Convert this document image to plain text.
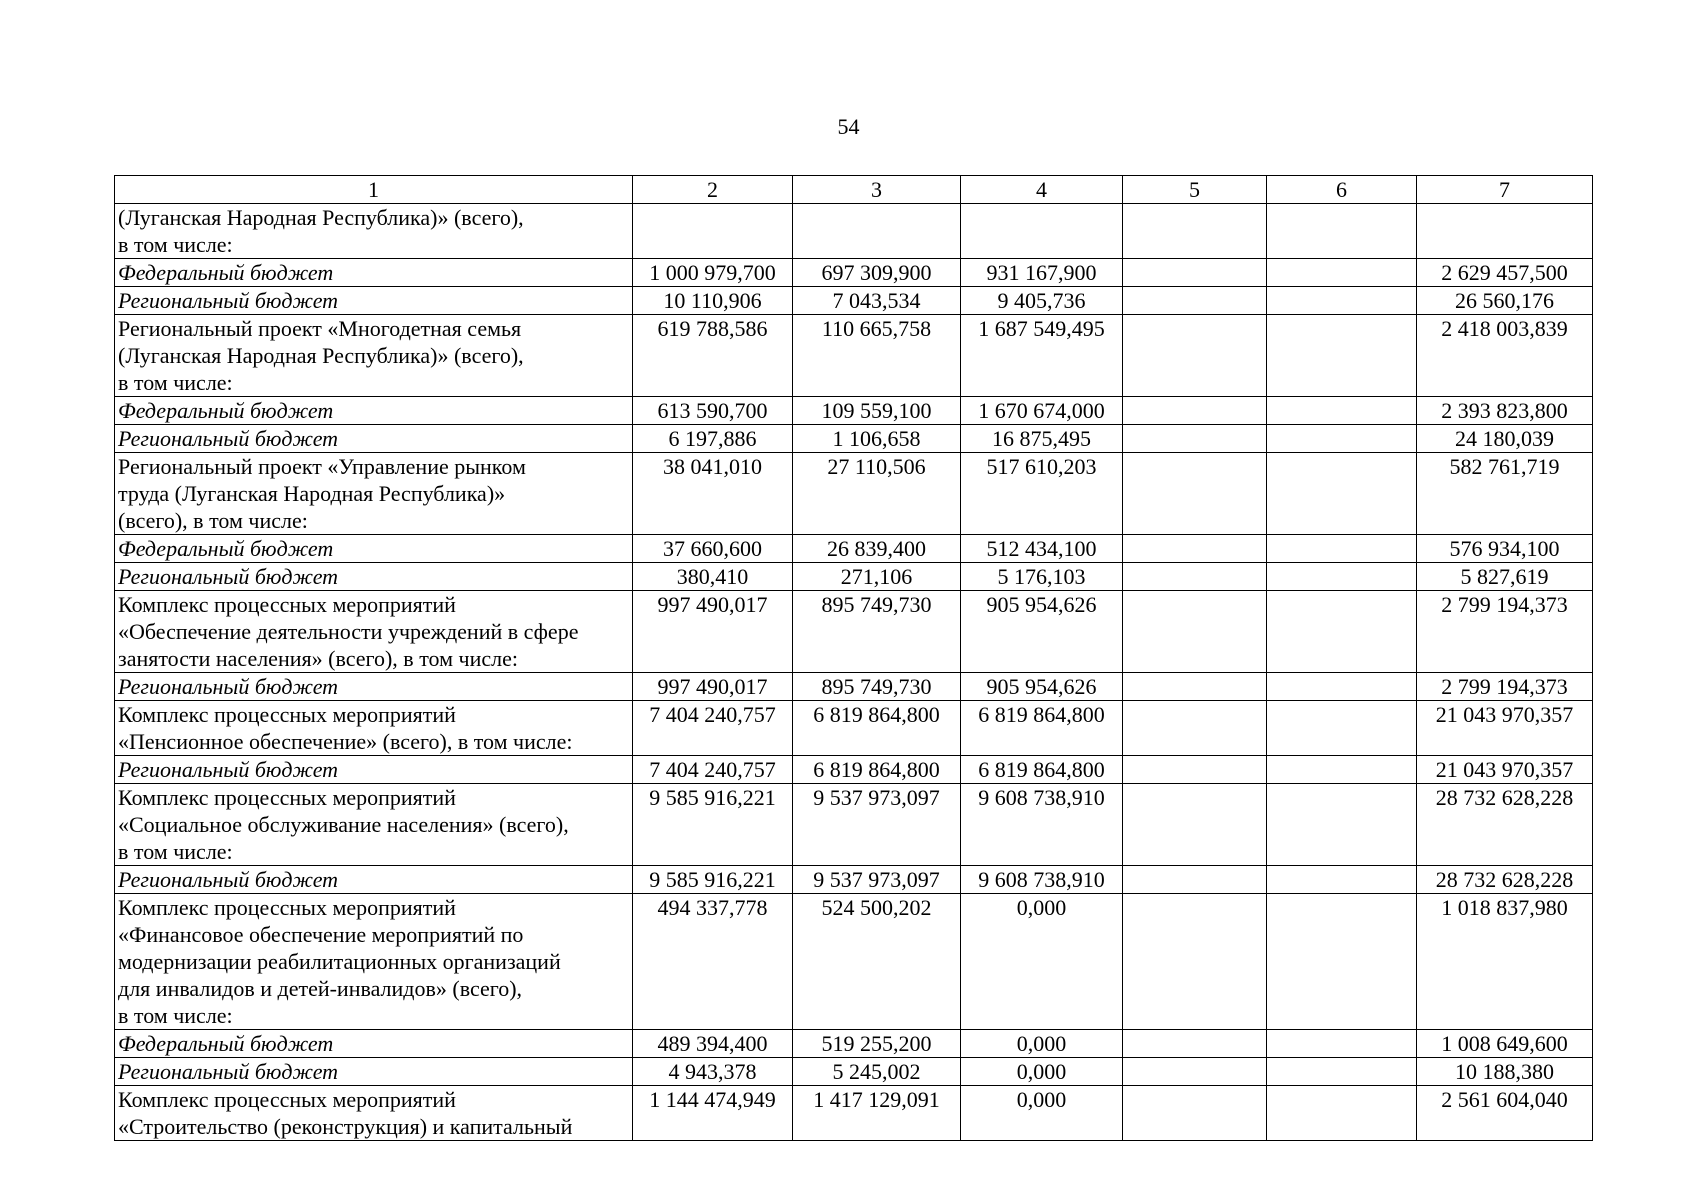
54
1	2	3	4	5	6	7
(Луганская Народная Республика)» (всего),
в том числе:						
Федеральный бюджет	1 000 979,700	697 309,900	931 167,900			2 629 457,500
Региональный бюджет	10 110,906	7 043,534	9 405,736			26 560,176
Региональный проект «Многодетная семья
(Луганская Народная Республика)» (всего),
в том числе:	619 788,586	110 665,758	1 687 549,495			2 418 003,839
Федеральный бюджет	613 590,700	109 559,100	1 670 674,000			2 393 823,800
Региональный бюджет	6 197,886	1 106,658	16 875,495			24 180,039
Региональный проект «Управление рынком
труда (Луганская Народная Республика)»
(всего), в том числе:	38 041,010	27 110,506	517 610,203			582 761,719
Федеральный бюджет	37 660,600	26 839,400	512 434,100			576 934,100
Региональный бюджет	380,410	271,106	5 176,103			5 827,619
Комплекс процессных мероприятий
«Обеспечение деятельности учреждений в сфере
занятости населения» (всего), в том числе:	997 490,017	895 749,730	905 954,626			2 799 194,373
Региональный бюджет	997 490,017	895 749,730	905 954,626			2 799 194,373
Комплекс процессных мероприятий
«Пенсионное обеспечение» (всего), в том числе:	7 404 240,757	6 819 864,800	6 819 864,800			21 043 970,357
Региональный бюджет	7 404 240,757	6 819 864,800	6 819 864,800			21 043 970,357
Комплекс процессных мероприятий
«Социальное обслуживание населения» (всего),
в том числе:	9 585 916,221	9 537 973,097	9 608 738,910			28 732 628,228
Региональный бюджет	9 585 916,221	9 537 973,097	9 608 738,910			28 732 628,228
Комплекс процессных мероприятий
«Финансовое обеспечение мероприятий по
модернизации реабилитационных организаций
для инвалидов и детей-инвалидов» (всего),
в том числе:	494 337,778	524 500,202	0,000			1 018 837,980
Федеральный бюджет	489 394,400	519 255,200	0,000			1 008 649,600
Региональный бюджет	4 943,378	5 245,002	0,000			10 188,380
Комплекс процессных мероприятий
«Строительство (реконструкция) и капитальный	1 144 474,949	1 417 129,091	0,000			2 561 604,040
